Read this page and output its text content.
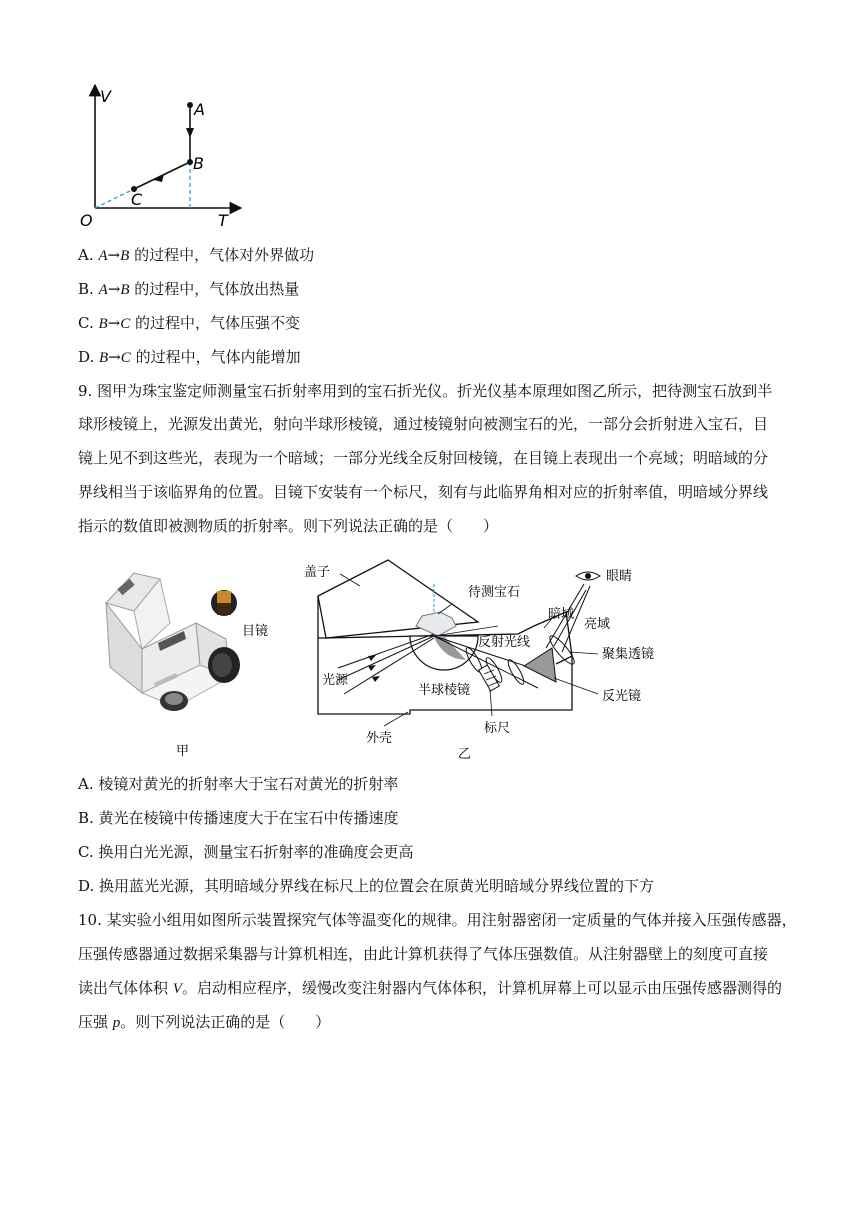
V
A
B
C
O	T
A. A→B 的过程中，气体对外界做功
B. A→B 的过程中，气体放出热量
C. B→C 的过程中，气体压强不变
D. B→C 的过程中，气体内能增加
9. 图甲为珠宝鉴定师测量宝石折射率用到的宝石折光仪。折光仪基本原理如图乙所示，把待测宝石放到半
球形棱镜上，光源发出黄光，射向半球形棱镜，通过棱镜射向被测宝石的光，一部分会折射进入宝石，目
镜上见不到这些光，表现为一个暗域；一部分光线全反射回棱镜，在目镜上表现出一个亮域；明暗域的分
界线相当于该临界角的位置。目镜下安装有一个标尺，刻有与此临界角相对应的折射率值，明暗域分界线
指示的数值即被测物质的折射率。则下列说法正确的是（　　）
目镜
甲
盖子
待测宝石
眼睛
暗域
亮域
反射光线
聚集透镜
光源
半球棱镜	反光镜
标尺
外壳
乙
A. 棱镜对黄光的折射率大于宝石对黄光的折射率
B. 黄光在棱镜中传播速度大于在宝石中传播速度
C. 换用白光光源，测量宝石折射率的准确度会更高
D. 换用蓝光光源，其明暗域分界线在标尺上的位置会在原黄光明暗域分界线位置的下方
10. 某实验小组用如图所示装置探究气体等温变化的规律。用注射器密闭一定质量的气体并接入压强传感器，
压强传感器通过数据采集器与计算机相连，由此计算机获得了气体压强数值。从注射器壁上的刻度可直接
读出气体体积 V。启动相应程序，缓慢改变注射器内气体体积，计算机屏幕上可以显示由压强传感器测得的
压强 p。则下列说法正确的是（　　）
